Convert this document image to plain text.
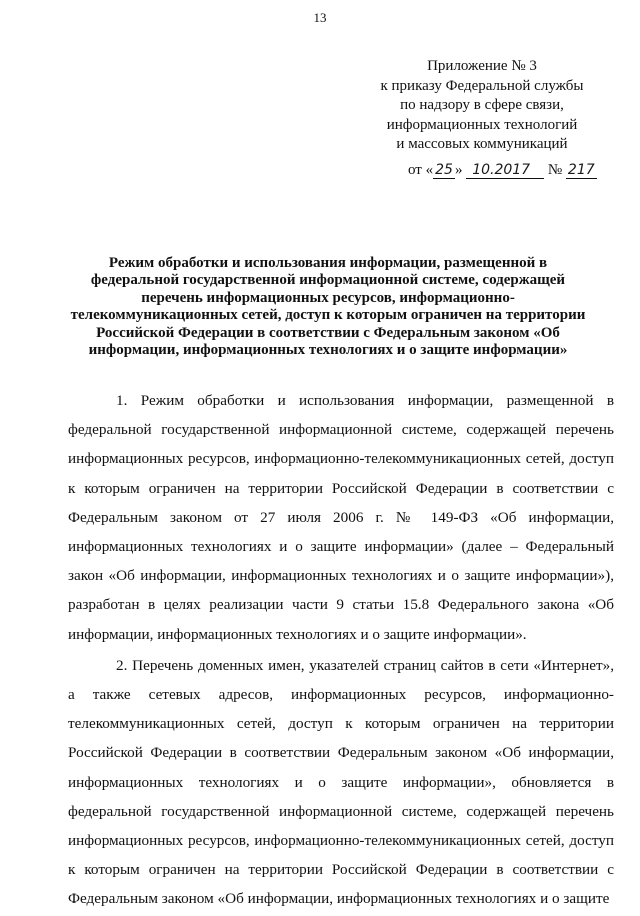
13
Приложение № 3
к приказу Федеральной службы
по надзору в сфере связи,
информационных технологий
и массовых коммуникаций
от « 25 » 10.2017 № 217
Режим обработки и использования информации, размещенной в федеральной государственной информационной системе, содержащей перечень информационных ресурсов, информационно-телекоммуникационных сетей, доступ к которым ограничен на территории Российской Федерации в соответствии с Федеральным законом «Об информации, информационных технологиях и о защите информации»

1. Режим обработки и использования информации, размещенной в федеральной государственной информационной системе, содержащей перечень информационных ресурсов, информационно-телекоммуникационных сетей, доступ к которым ограничен на территории Российской Федерации в соответствии с Федеральным законом от 27 июля 2006 г. № 149-ФЗ «Об информации, информационных технологиях и о защите информации» (далее – Федеральный закон «Об информации, информационных технологиях и о защите информации»), разработан в целях реализации части 9 статьи 15.8 Федерального закона «Об информации, информационных технологиях и о защите информации».

2. Перечень доменных имен, указателей страниц сайтов в сети «Интернет», а также сетевых адресов, информационных ресурсов, информационно-телекоммуникационных сетей, доступ к которым ограничен на территории Российской Федерации в соответствии Федеральным законом «Об информации, информационных технологиях и о защите информации», обновляется в федеральной государственной информационной системе, содержащей перечень информационных ресурсов, информационно-телекоммуникационных сетей, доступ к которым ограничен на территории Российской Федерации в соответствии с Федеральным законом «Об информации, информационных технологиях и о защите
